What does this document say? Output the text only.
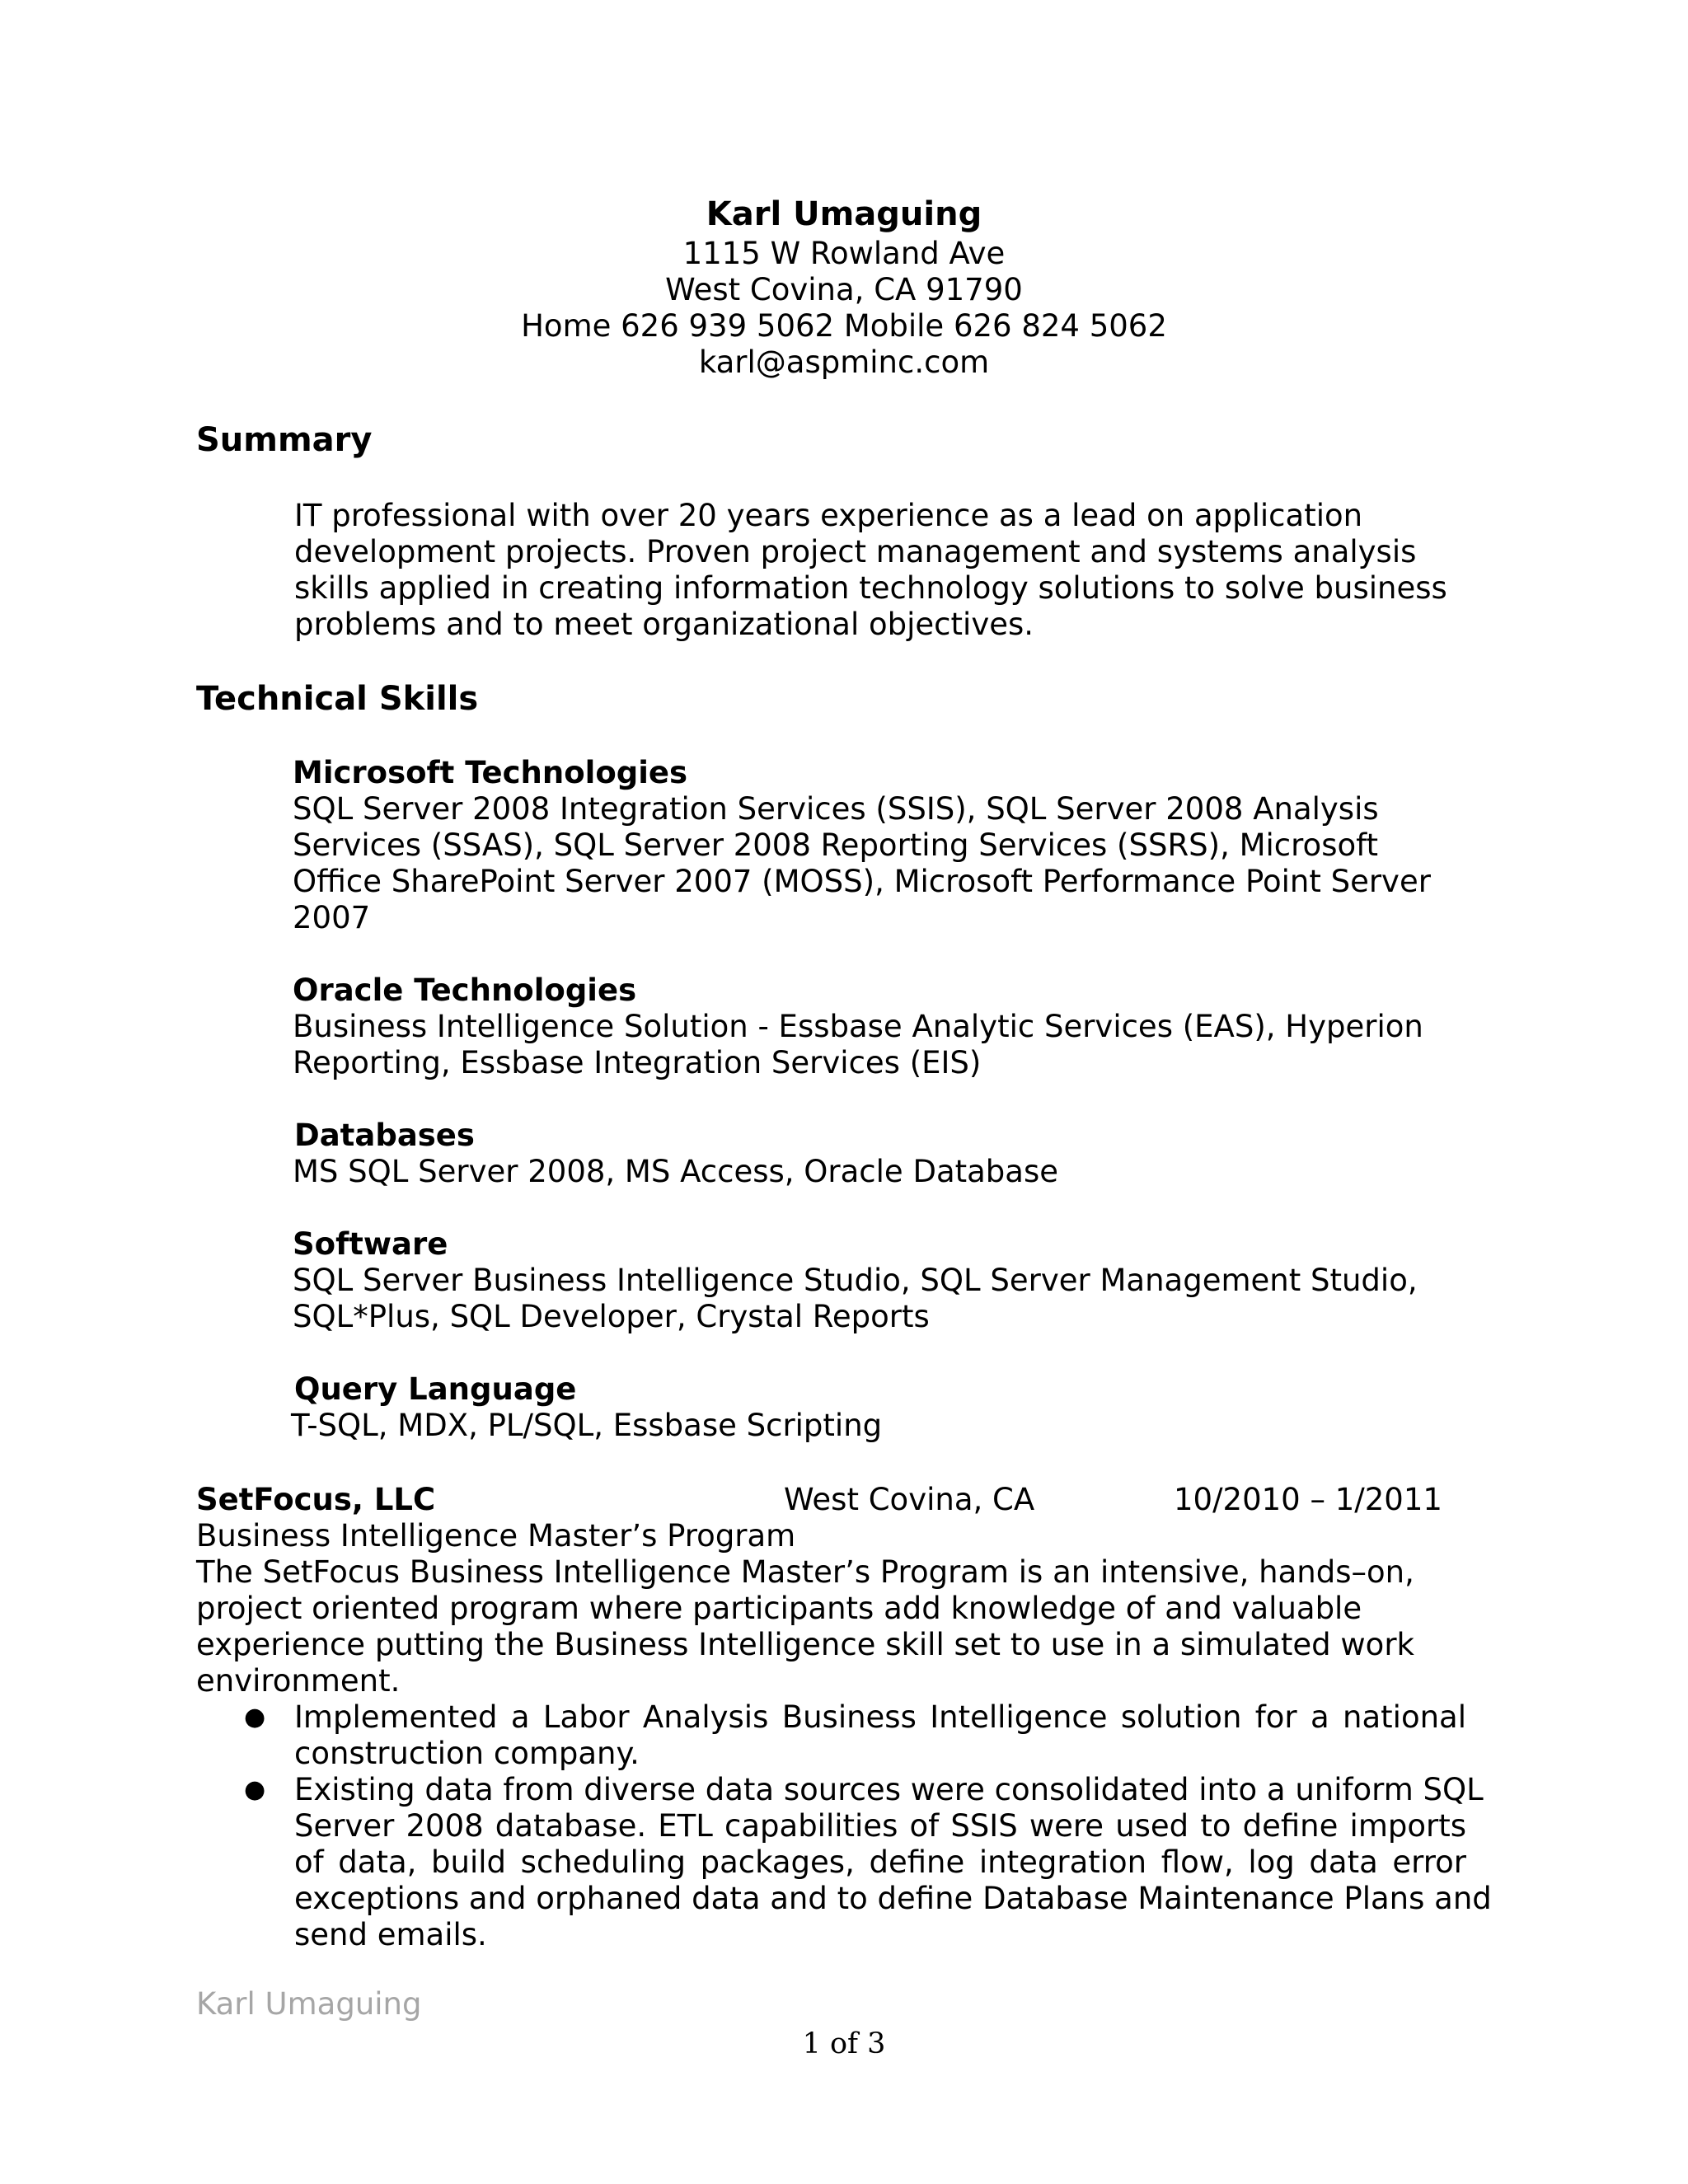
Karl Umaguing
1115 W Rowland Ave
West Covina, CA 91790
Home 626 939 5062 Mobile 626 824 5062
karl@aspminc.com
Summary
IT professional with over 20 years experience as a lead on application
development projects. Proven project management and systems analysis
skills applied in creating information technology solutions to solve business
problems and to meet organizational objectives.
Technical Skills
Microsoft Technologies
SQL Server 2008 Integration Services (SSIS), SQL Server 2008 Analysis
Services (SSAS), SQL Server 2008 Reporting Services (SSRS), Microsoft
Office SharePoint Server 2007 (MOSS), Microsoft Performance Point Server
2007
Oracle Technologies
Business Intelligence Solution - Essbase Analytic Services (EAS), Hyperion
Reporting, Essbase Integration Services (EIS)
Databases
MS SQL Server 2008, MS Access, Oracle Database
Software
SQL Server Business Intelligence Studio, SQL Server Management Studio,
SQL*Plus, SQL Developer, Crystal Reports
Query Language
T-SQL, MDX, PL/SQL, Essbase Scripting
SetFocus, LLC	West Covina, CA	10/2010 – 1/2011
Business Intelligence Master’s Program
The SetFocus Business Intelligence Master’s Program is an intensive, hands–on,
project oriented program where participants add knowledge of and valuable
experience putting the Business Intelligence skill set to use in a simulated work
environment.
● Implemented a Labor Analysis Business Intelligence solution for a national
construction company.
● Existing data from diverse data sources were consolidated into a uniform SQL
Server 2008 database. ETL capabilities of SSIS were used to define imports
of data, build scheduling packages, define integration flow, log data error
exceptions and orphaned data and to define Database Maintenance Plans and
send emails.
Karl Umaguing
1 of 3
